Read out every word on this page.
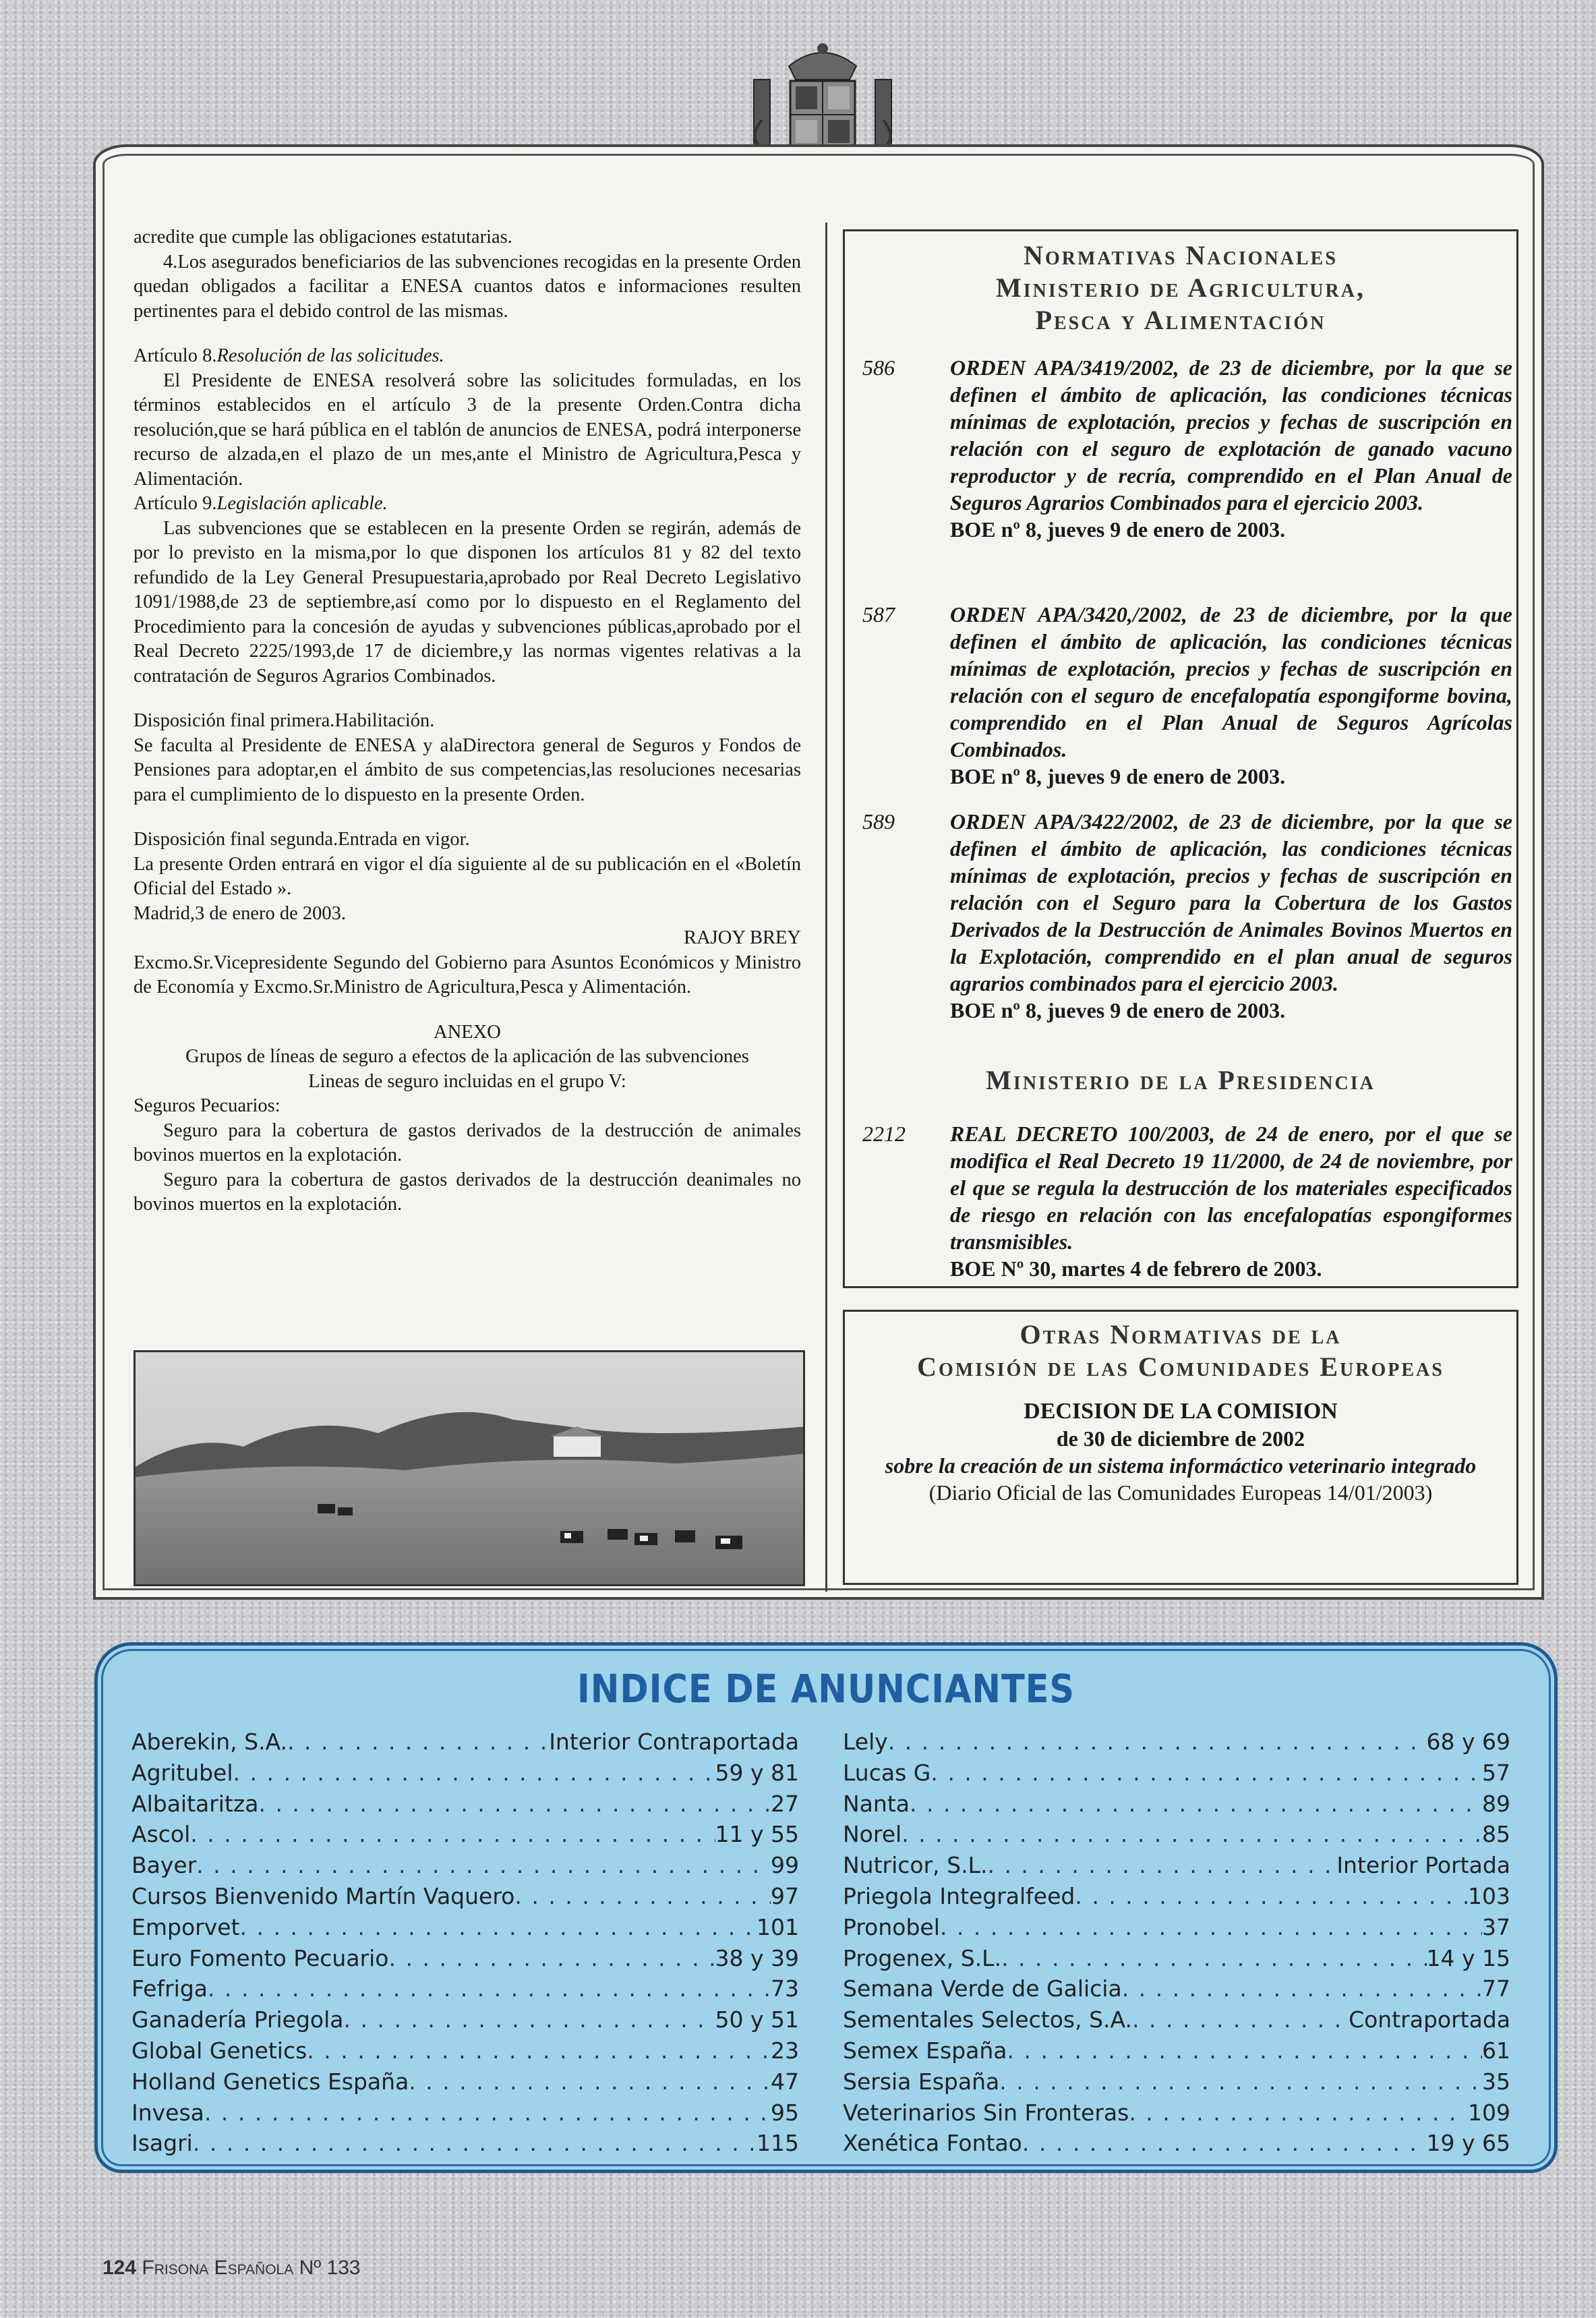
acredite que cumple las obligaciones estatutarias.

4.Los asegurados beneficiarios de las subvenciones recogidas en la presente Orden quedan obligados a facilitar a ENESA cuantos datos e informaciones resulten pertinentes para el debido control de las mismas.

Artículo 8.Resolución de las solicitudes.

El Presidente de ENESA resolverá sobre las solicitudes formuladas, en los términos establecidos en el artículo 3 de la presente Orden.Contra dicha resolución,que se hará pública en el tablón de anuncios de ENESA, podrá interponerse recurso de alzada,en el plazo de un mes,ante el Ministro de Agricultura,Pesca y Alimentación.

Artículo 9.Legislación aplicable.

Las subvenciones que se establecen en la presente Orden se regirán, además de por lo previsto en la misma,por lo que disponen los artículos 81 y 82 del texto refundido de la Ley General Presupuestaria,aprobado por Real Decreto Legislativo 1091/1988,de 23 de septiembre,así como por lo dispuesto en el Reglamento del Procedimiento para la concesión de ayudas y subvenciones públicas,aprobado por el Real Decreto 2225/1993,de 17 de diciembre,y las normas vigentes relativas a la contratación de Seguros Agrarios Combinados.

Disposición final primera.Habilitación.

Se faculta al Presidente de ENESA y alaDirectora general de Seguros y Fondos de Pensiones para adoptar,en el ámbito de sus competencias,las resoluciones necesarias para el cumplimiento de lo dispuesto en la presente Orden.

Disposición final segunda.Entrada en vigor.

La presente Orden entrará en vigor el día siguiente al de su publicación en el «Boletín Oficial del Estado ».

Madrid,3 de enero de 2003.

RAJOY BREY

Excmo.Sr.Vicepresidente Segundo del Gobierno para Asuntos Económicos y Ministro de Economía y Excmo.Sr.Ministro de Agricultura,Pesca y Alimentación.

ANEXO

Grupos de líneas de seguro a efectos de la aplicación de las subvenciones

Lineas de seguro incluidas en el grupo V:

Seguros Pecuarios:

Seguro para la cobertura de gastos derivados de la destrucción de animales bovinos muertos en la explotación.

Seguro para la cobertura de gastos derivados de la destrucción deanimales no bovinos muertos en la explotación.

Normativas Nacionales
Ministerio de Agricultura,
Pesca y Alimentación
586	ORDEN APA/3419/2002, de 23 de diciembre, por la que se definen el ámbito de aplicación, las condiciones técnicas mínimas de explotación, precios y fechas de suscripción en relación con el seguro de explotación de ganado vacuno reproductor y de recría, comprendido en el Plan Anual de Seguros Agrarios Combinados para el ejercicio 2003.
BOE nº 8, jueves 9 de enero de 2003.
587	ORDEN APA/3420,/2002, de 23 de diciembre, por la que definen el ámbito de aplicación, las condiciones técnicas mínimas de explotación, precios y fechas de suscripción en relación con el seguro de encefalopatía espongiforme bovina, comprendido en el Plan Anual de Seguros Agrícolas Combinados.
BOE nº 8, jueves 9 de enero de 2003.
589	ORDEN APA/3422/2002, de 23 de diciembre, por la que se definen el ámbito de aplicación, las condiciones técnicas mínimas de explotación, precios y fechas de suscripción en relación con el Seguro para la Cobertura de los Gastos Derivados de la Destrucción de Animales Bovinos Muertos en la Explotación, comprendido en el plan anual de seguros agrarios combinados para el ejercicio 2003.
BOE nº 8, jueves 9 de enero de 2003.
Ministerio de la Presidencia
2212 REAL DECRETO 100/2003, de 24 de enero, por el que se modifica el Real Decreto 19 11/2000, de 24 de noviembre, por el que se regula la destrucción de los materiales especificados de riesgo en relación con las encefalopatías espongiformes transmisibles.
BOE Nº 30, martes 4 de febrero de 2003.
Otras Normativas de la
Comisión de las Comunidades Europeas
DECISION DE LA COMISION
de 30 de diciembre de 2002
sobre la creación de un sistema informáctico veterinario integrado
(Diario Oficial de las Comunidades Europeas 14/01/2003)
INDICE DE ANUNCIANTES
Aberekin, S.A. . . .	Interior Contraportada
Agritubel . . .	59 y 81
Albaitaritza . . .	27
Ascol . . .	11 y 55
Bayer . . .	99
Cursos Bienvenido Martín Vaquero . . .	97
Emporvet . . .	101
Euro Fomento Pecuario . . .	38 y 39
Fefriga . . .	73
Ganadería Priegola . . .	50 y 51
Global Genetics . . .	23
Holland Genetics España . . .	47
Invesa . . .	95
Isagri . . .	115
Lely . . .	68 y 69
Lucas G . . .	57
Nanta . . .	89
Norel . . .	85
Nutricor, S.L. . . .	Interior Portada
Priegola Integralfeed . . .	103
Pronobel . . .	37
Progenex, S.L. . . .	14 y 15
Semana Verde de Galicia . . .	77
Sementales Selectos, S.A. . . .	Contraportada
Semex España . . .	61
Sersia España . . .	35
Veterinarios Sin Fronteras . . .	109
Xenética Fontao . . .	19 y 65
124 Frisona Española Nº 133
